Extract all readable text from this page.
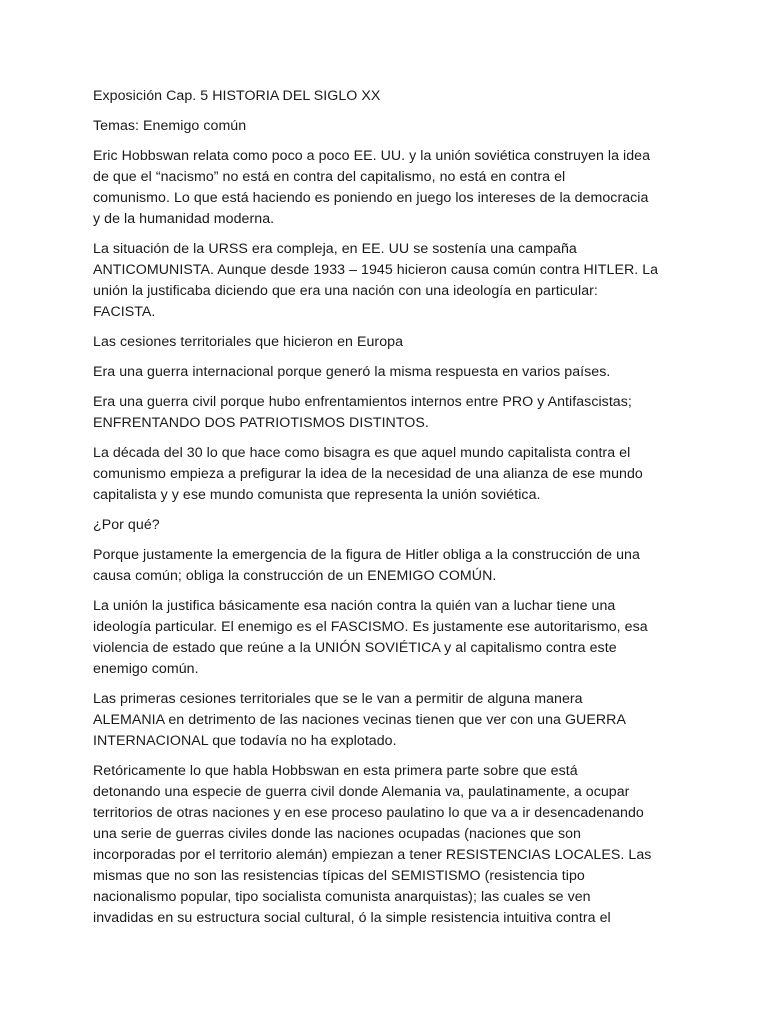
Exposición Cap. 5 HISTORIA DEL SIGLO XX

Temas: Enemigo común

Eric Hobbswan relata como poco a poco EE. UU. y la unión soviética construyen la idea
de que el “nacismo” no está en contra del capitalismo, no está en contra el
comunismo. Lo que está haciendo es poniendo en juego los intereses de la democracia
y de la humanidad moderna.

La situación de la URSS era compleja, en EE. UU se sostenía una campaña
ANTICOMUNISTA. Aunque desde 1933 – 1945 hicieron causa común contra HITLER. La
unión la justificaba diciendo que era una nación con una ideología en particular:
FACISTA.

Las cesiones territoriales que hicieron en Europa

Era una guerra internacional porque generó la misma respuesta en varios países.

Era una guerra civil porque hubo enfrentamientos internos entre PRO y Antifascistas;
ENFRENTANDO DOS PATRIOTISMOS DISTINTOS.

La década del 30 lo que hace como bisagra es que aquel mundo capitalista contra el
comunismo empieza a prefigurar la idea de la necesidad de una alianza de ese mundo
capitalista y y ese mundo comunista que representa la unión soviética.

¿Por qué?

Porque justamente la emergencia de la figura de Hitler obliga a la construcción de una
causa común; obliga la construcción de un ENEMIGO COMÚN.

La unión la justifica básicamente esa nación contra la quién van a luchar tiene una
ideología particular. El enemigo es el FASCISMO. Es justamente ese autoritarismo, esa
violencia de estado que reúne a la UNIÓN SOVIÉTICA y al capitalismo contra este
enemigo común.

Las primeras cesiones territoriales que se le van a permitir de alguna manera
ALEMANIA en detrimento de las naciones vecinas tienen que ver con una GUERRA
INTERNACIONAL que todavía no ha explotado.

Retóricamente lo que habla Hobbswan en esta primera parte sobre que está
detonando una especie de guerra civil donde Alemania va, paulatinamente, a ocupar
territorios de otras naciones y en ese proceso paulatino lo que va a ir desencadenando
una serie de guerras civiles donde las naciones ocupadas (naciones que son
incorporadas por el territorio alemán) empiezan a tener RESISTENCIAS LOCALES. Las
mismas que no son las resistencias típicas del SEMISTISMO (resistencia tipo
nacionalismo popular, tipo socialista comunista anarquistas); las cuales se ven
invadidas en su estructura social cultural, ó la simple resistencia intuitiva contra el
